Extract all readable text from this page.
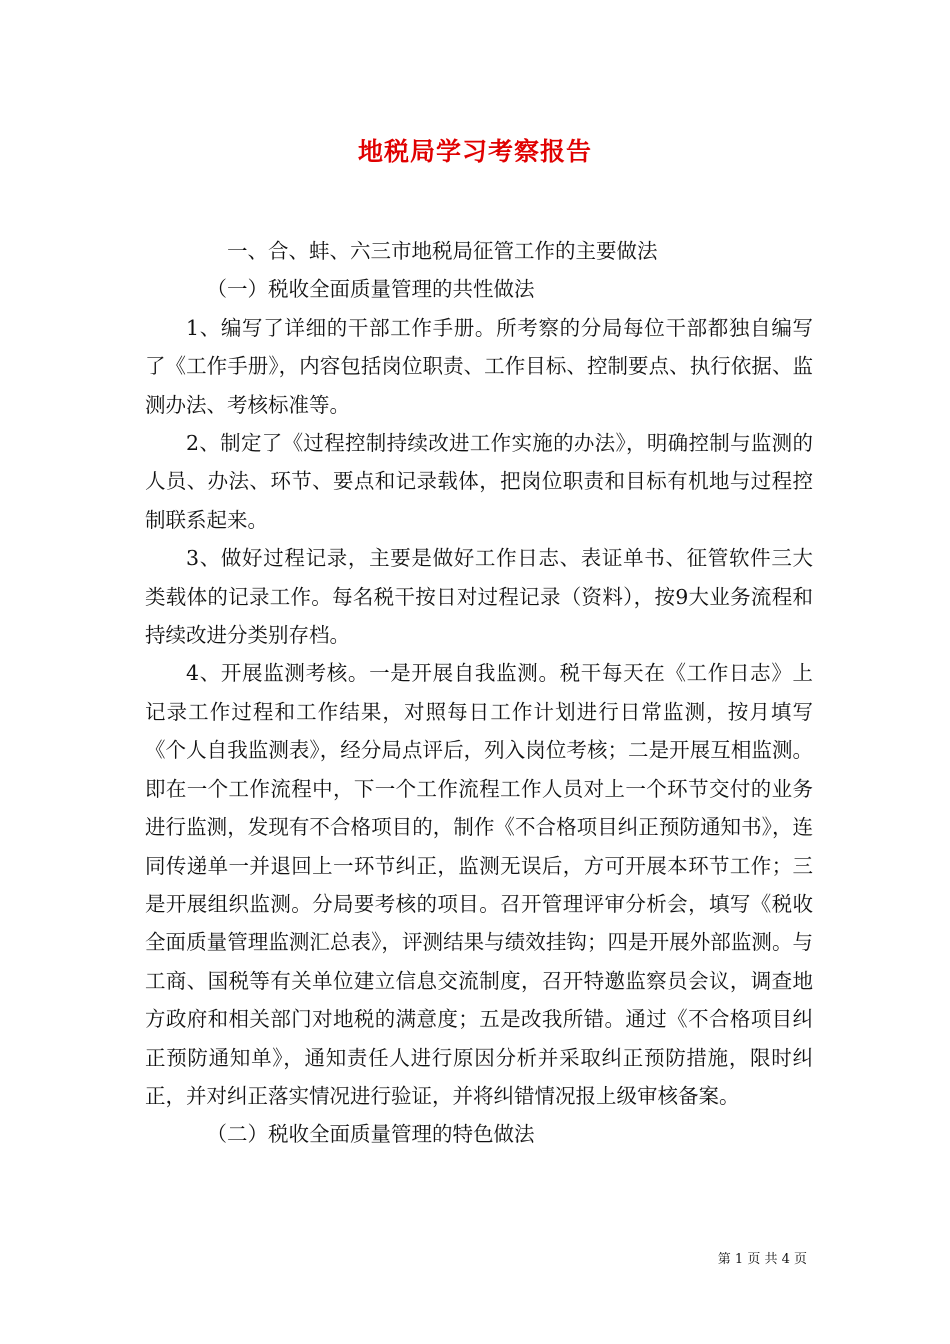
地税局学习考察报告

一、合、蚌、六三市地税局征管工作的主要做法

（一）税收全面质量管理的共性做法

1、编写了详细的干部工作手册。所考察的分局每位干部都独自编写了《工作手册》，内容包括岗位职责、工作目标、控制要点、执行依据、监测办法、考核标准等。

2、制定了《过程控制持续改进工作实施的办法》，明确控制与监测的人员、办法、环节、要点和记录载体，把岗位职责和目标有机地与过程控制联系起来。

3、做好过程记录，主要是做好工作日志、表证单书、征管软件三大类载体的记录工作。每名税干按日对过程记录（资料），按9大业务流程和持续改进分类别存档。

4、开展监测考核。一是开展自我监测。税干每天在《工作日志》上记录工作过程和工作结果，对照每日工作计划进行日常监测，按月填写《个人自我监测表》，经分局点评后，列入岗位考核；二是开展互相监测。即在一个工作流程中，下一个工作流程工作人员对上一个环节交付的业务进行监测，发现有不合格项目的，制作《不合格项目纠正预防通知书》，连同传递单一并退回上一环节纠正，监测无误后，方可开展本环节工作；三是开展组织监测。分局要考核的项目。召开管理评审分析会，填写《税收全面质量管理监测汇总表》，评测结果与绩效挂钩；四是开展外部监测。与工商、国税等有关单位建立信息交流制度，召开特邀监察员会议，调查地方政府和相关部门对地税的满意度；五是改我所错。通过《不合格项目纠正预防通知单》，通知责任人进行原因分析并采取纠正预防措施，限时纠正，并对纠正落实情况进行验证，并将纠错情况报上级审核备案。

（二）税收全面质量管理的特色做法

第 1 页 共 4 页
